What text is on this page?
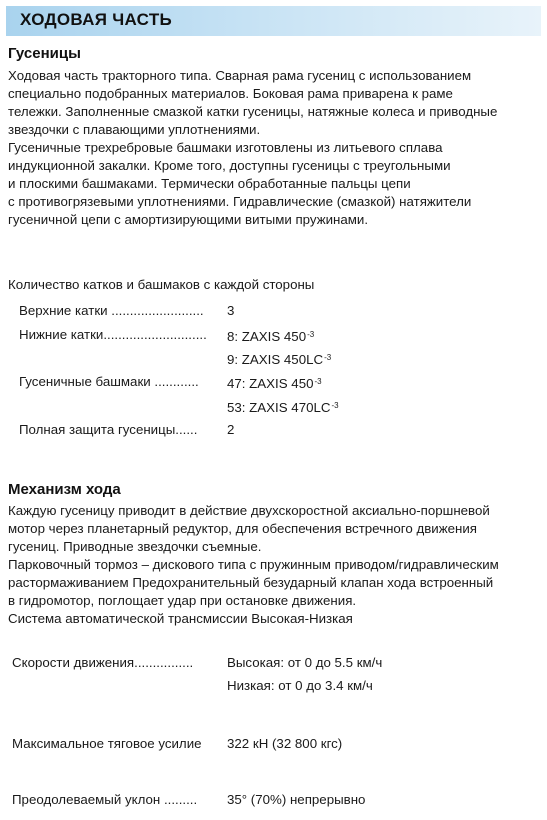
ХОДОВАЯ ЧАСТЬ
Гусеницы

Ходовая часть тракторного типа. Сварная рама гусениц с использованием
специально подобранных материалов. Боковая рама приварена к раме
тележки. Заполненные смазкой катки гусеницы, натяжные колеса и приводные
звездочки с плавающими уплотнениями.
Гусеничные трехребровые башмаки изготовлены из литьевого сплава
индукционной закалки. Кроме того, доступны гусеницы с треугольными
и плоскими башмаками. Термически обработанные пальцы цепи
с противогрязевыми уплотнениями. Гидравлические (смазкой) натяжители
гусеничной цепи с амортизирующими витыми пружинами.

Количество катков и башмаков с каждой стороны
Верхние катки ......................... 3
Нижние катки............................ 8: ZAXIS $450^{-3}$
9: ZAXIS $450LC^{-3}$
Гусеничные башмаки ............ 47: ZAXIS $450^{-3}$
53: ZAXIS $470LC^{-3}$
Полная защита гусеницы...... 2
Механизм хода

Каждую гусеницу приводит в действие двухскоростной аксиально-поршневой
мотор через планетарный редуктор, для обеспечения встречного движения
гусениц. Приводные звездочки съемные.
Парковочный тормоз – дискового типа с пружинным приводом/гидравлическим
растормаживанием Предохранительный безударный клапан хода встроенный
в гидромотор, поглощает удар при остановке движения.
Система автоматической трансмиссии Высокая-Низкая

Скорости движения................	Высокая: от 0 до 5.5 км/ч
Низкая: от 0 до 3.4 км/ч
Максимальное тяговое усилие 322 кН (32 800 кгс)
Преодолеваемый уклон ......... 35° (70%) непрерывно
